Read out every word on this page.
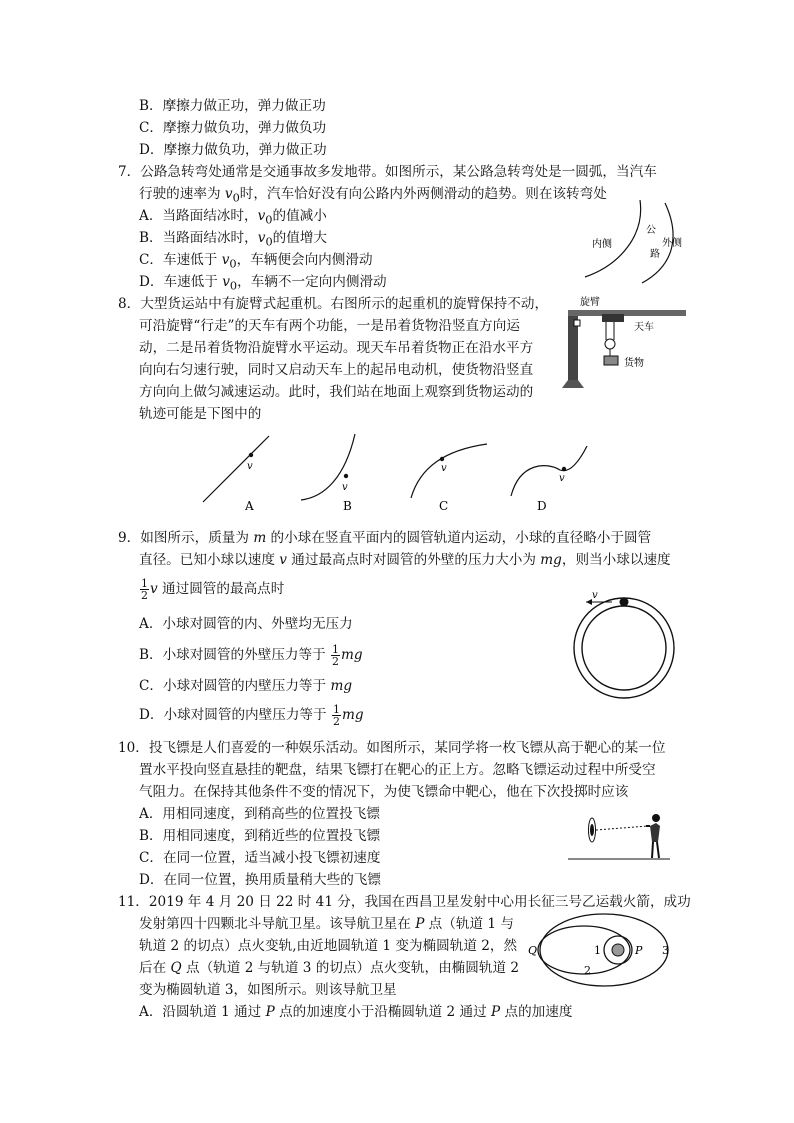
B．摩擦力做正功，弹力做正功
C．摩擦力做负功，弹力做负功
D．摩擦力做负功，弹力做正功
7．公路急转弯处通常是交通事故多发地带。如图所示，某公路急转弯处是一圆弧，当汽车
行驶的速率为 $v_0$时，汽车恰好没有向公路内外两侧滑动的趋势。则在该转弯处
A．当路面结冰时，$v_0$的值减小
B．当路面结冰时，$v_0$的值增大
C．车速低于 $v_0$，车辆便会向内侧滑动
D．车速低于 $v_0$，车辆不一定向内侧滑动
内侧
公
路
外侧
8．大型货运站中有旋臂式起重机。右图所示的起重机的旋臂保持不动，
可沿旋臂“行走”的天车有两个功能，一是吊着货物沿竖直方向运
动，二是吊着货物沿旋臂水平运动。现天车吊着货物正在沿水平方
向向右匀速行驶，同时又启动天车上的起吊电动机，使货物沿竖直
方向向上做匀减速运动。此时，我们站在地面上观察到货物运动的
轨迹可能是下图中的
旋臂
天车
货物
v
A
v
B
v
C
v
D
9．如图所示，质量为 m 的小球在竖直平面内的圆管轨道内运动，小球的直径略小于圆管
直径。已知小球以速度 v 通过最高点时对圆管的外壁的压力大小为 mg，则当小球以速度
$\frac{1}{2}$ v 通过圆管的最高点时
A．小球对圆管的内、外壁均无压力
B．小球对圆管的外壁压力等于 $\frac{1}{2}$ mg
C．小球对圆管的内壁压力等于 mg
D．小球对圆管的内壁压力等于 $\frac{1}{2}$ mg
v
10．投飞镖是人们喜爱的一种娱乐活动。如图所示，某同学将一枚飞镖从高于靶心的某一位
置水平投向竖直悬挂的靶盘，结果飞镖打在靶心的正上方。忽略飞镖运动过程中所受空
气阻力。在保持其他条件不变的情况下，为使飞镖命中靶心，他在下次投掷时应该
A．用相同速度，到稍高些的位置投飞镖
B．用相同速度，到稍近些的位置投飞镖
C．在同一位置，适当减小投飞镖初速度
D．在同一位置，换用质量稍大些的飞镖
11．2019 年 4 月 20 日 22 时 41 分，我国在西昌卫星发射中心用长征三号乙运载火箭，成功
发射第四十四颗北斗导航卫星。该导航卫星在 P 点（轨道 1 与
轨道 2 的切点）点火变轨,由近地圆轨道 1 变为椭圆轨道 2，然
后在 Q 点（轨道 2 与轨道 3 的切点）点火变轨，由椭圆轨道 2
变为椭圆轨道 3，如图所示。则该导航卫星
A．沿圆轨道 1 通过 P 点的加速度小于沿椭圆轨道 2 通过 P 点的加速度
Q	P
1
2
3
